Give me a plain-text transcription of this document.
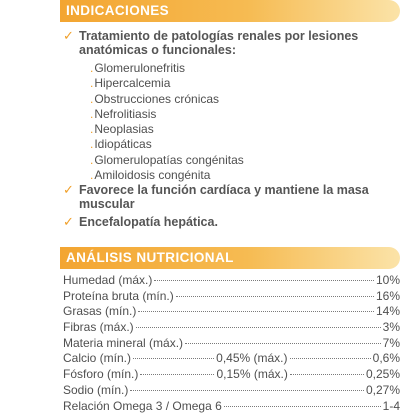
INDICACIONES
✓ Tratamiento de patologías renales por lesiones
anatómicas o funcionales:
.Glomerulonefritis
.Hipercalcemia
.Obstrucciones crónicas
.Nefrolitiasis
.Neoplasias
.Idiopáticas
.Glomerulopatías congénitas
.Amiloidosis congénita
✓ Favorece la función cardíaca y mantiene la masa
muscular
✓ Encefalopatía hepática.
ANÁLISIS NUTRICIONAL
Humedad (máx.)	10%
Proteína bruta (mín.)	16%
Grasas (mín.)	14%
Fibras (máx.)	3%
Materia mineral (máx.)	7%
Calcio (mín.)	0,45% (máx.)	0,6%
Fósforo (mín.)	0,15% (máx.)	0,25%
Sodio (mín.)	0,27%
Relación Omega 3 / Omega 6	1-4
